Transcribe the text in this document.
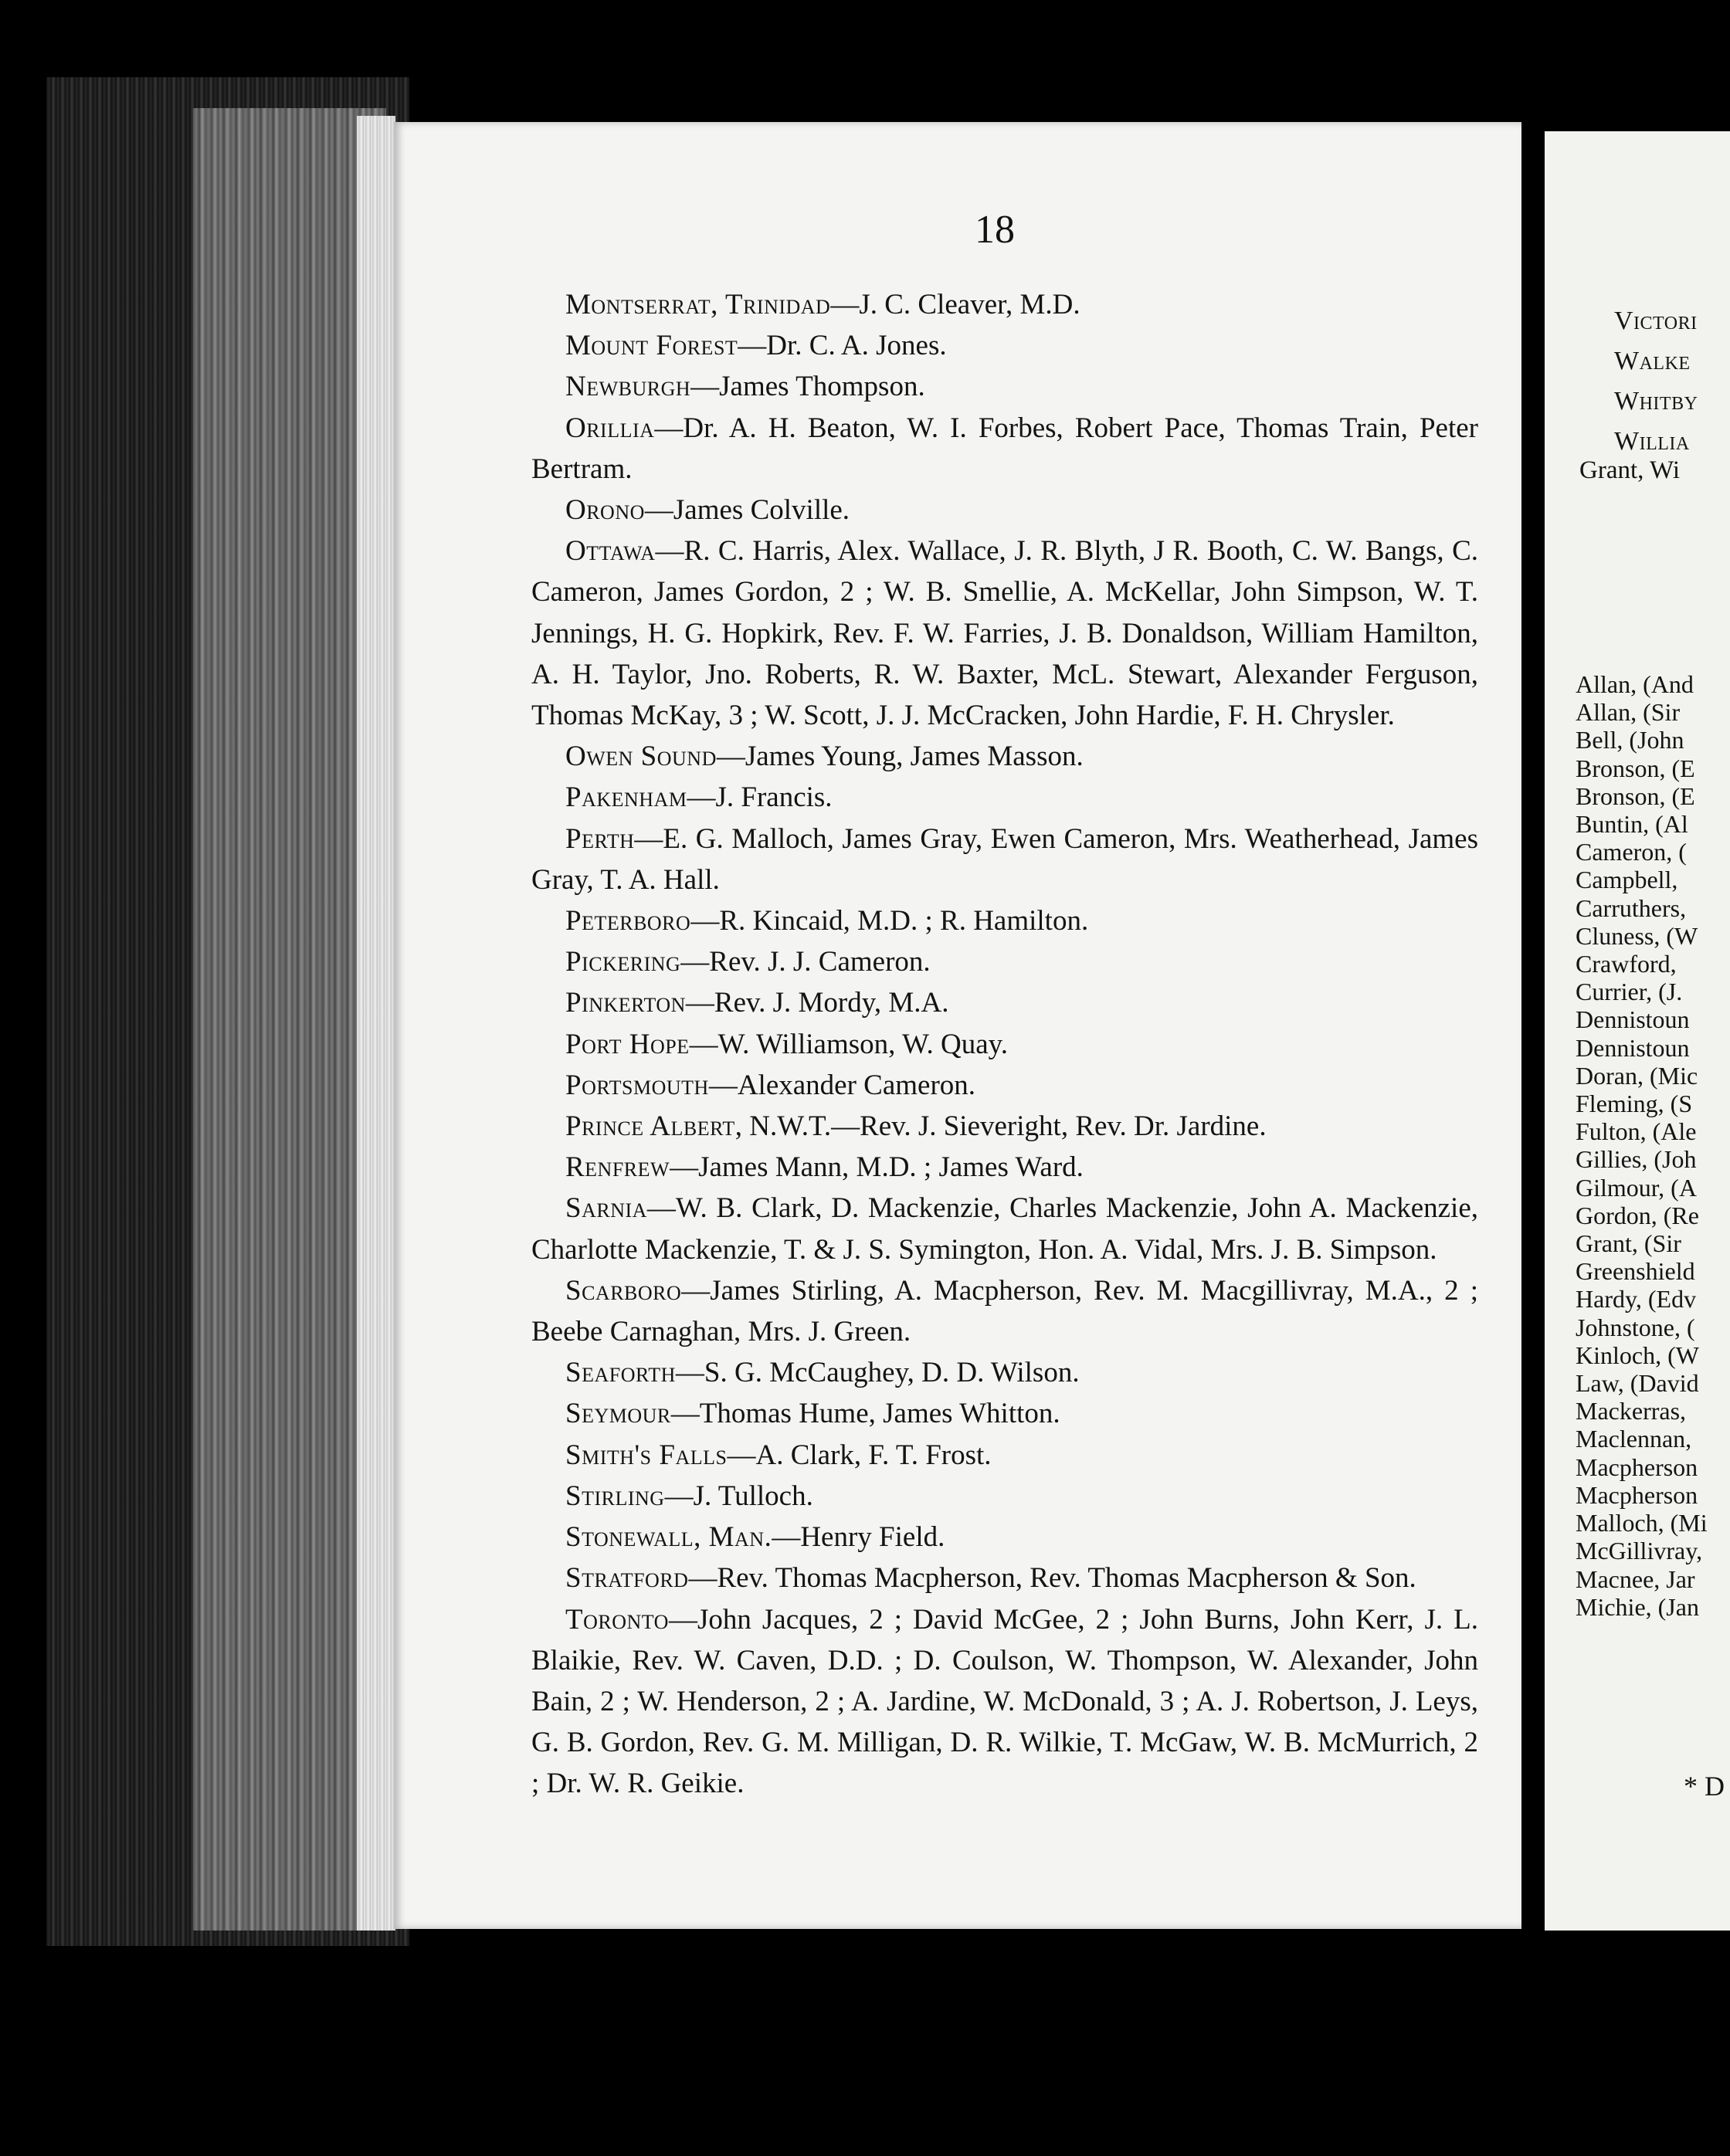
18

Montserrat, Trinidad—J. C. Cleaver, M.D.

Mount Forest—Dr. C. A. Jones.

Newburgh—James Thompson.

Orillia—Dr. A. H. Beaton, W. I. Forbes, Robert Pace, Thomas Train, Peter Bertram.

Orono—James Colville.

Ottawa—R. C. Harris, Alex. Wallace, J. R. Blyth, J R. Booth, C. W. Bangs, C. Cameron, James Gordon, 2 ; W. B. Smellie, A. McKellar, John Simpson, W. T. Jennings, H. G. Hopkirk, Rev. F. W. Farries, J. B. Donaldson, William Hamilton, A. H. Taylor, Jno. Roberts, R. W. Baxter, McL. Stewart, Alexander Ferguson, Thomas McKay, 3 ; W. Scott, J. J. McCracken, John Hardie, F. H. Chrysler.

Owen Sound—James Young, James Masson.

Pakenham—J. Francis.

Perth—E. G. Malloch, James Gray, Ewen Cameron, Mrs. Weatherhead, James Gray, T. A. Hall.

Peterboro—R. Kincaid, M.D. ; R. Hamilton.

Pickering—Rev. J. J. Cameron.

Pinkerton—Rev. J. Mordy, M.A.

Port Hope—W. Williamson, W. Quay.

Portsmouth—Alexander Cameron.

Prince Albert, N.W.T.—Rev. J. Sieveright, Rev. Dr. Jardine.

Renfrew—James Mann, M.D. ; James Ward.

Sarnia—W. B. Clark, D. Mackenzie, Charles Mackenzie, John A. Mackenzie, Charlotte Mackenzie, T. & J. S. Symington, Hon. A. Vidal, Mrs. J. B. Simpson.

Scarboro—James Stirling, A. Macpherson, Rev. M. Macgillivray, M.A., 2 ; Beebe Carnaghan, Mrs. J. Green.

Seaforth—S. G. McCaughey, D. D. Wilson.

Seymour—Thomas Hume, James Whitton.

Smith's Falls—A. Clark, F. T. Frost.

Stirling—J. Tulloch.

Stonewall, Man.—Henry Field.

Stratford—Rev. Thomas Macpherson, Rev. Thomas Macpherson & Son.

Toronto—John Jacques, 2 ; David McGee, 2 ; John Burns, John Kerr, J. L. Blaikie, Rev. W. Caven, D.D. ; D. Coulson, W. Thompson, W. Alexander, John Bain, 2 ; W. Henderson, 2 ; A. Jardine, W. McDonald, 3 ; A. J. Robertson, J. Leys, G. B. Gordon, Rev. G. M. Milligan, D. R. Wilkie, T. McGaw, W. B. McMurrich, 2 ; Dr. W. R. Geikie.

Victori
Walke
Whitby
Willia
Grant, Wi
Allan, (And
Allan, (Sir
Bell, (John
Bronson, (E
Bronson, (E
Buntin, (Al
Cameron, (
Campbell,
Carruthers,
Cluness, (W
Crawford,
Currier, (J.
Dennistoun
Dennistoun
Doran, (Mic
Fleming, (S
Fulton, (Ale
Gillies, (Joh
Gilmour, (A
Gordon, (Re
Grant, (Sir
Greenshield
Hardy, (Edv
Johnstone, (
Kinloch, (W
Law, (David
Mackerras,
Maclennan,
Macpherson
Macpherson
Malloch, (Mi
McGillivray,
Macnee, Jar
Michie, (Jan
* D
